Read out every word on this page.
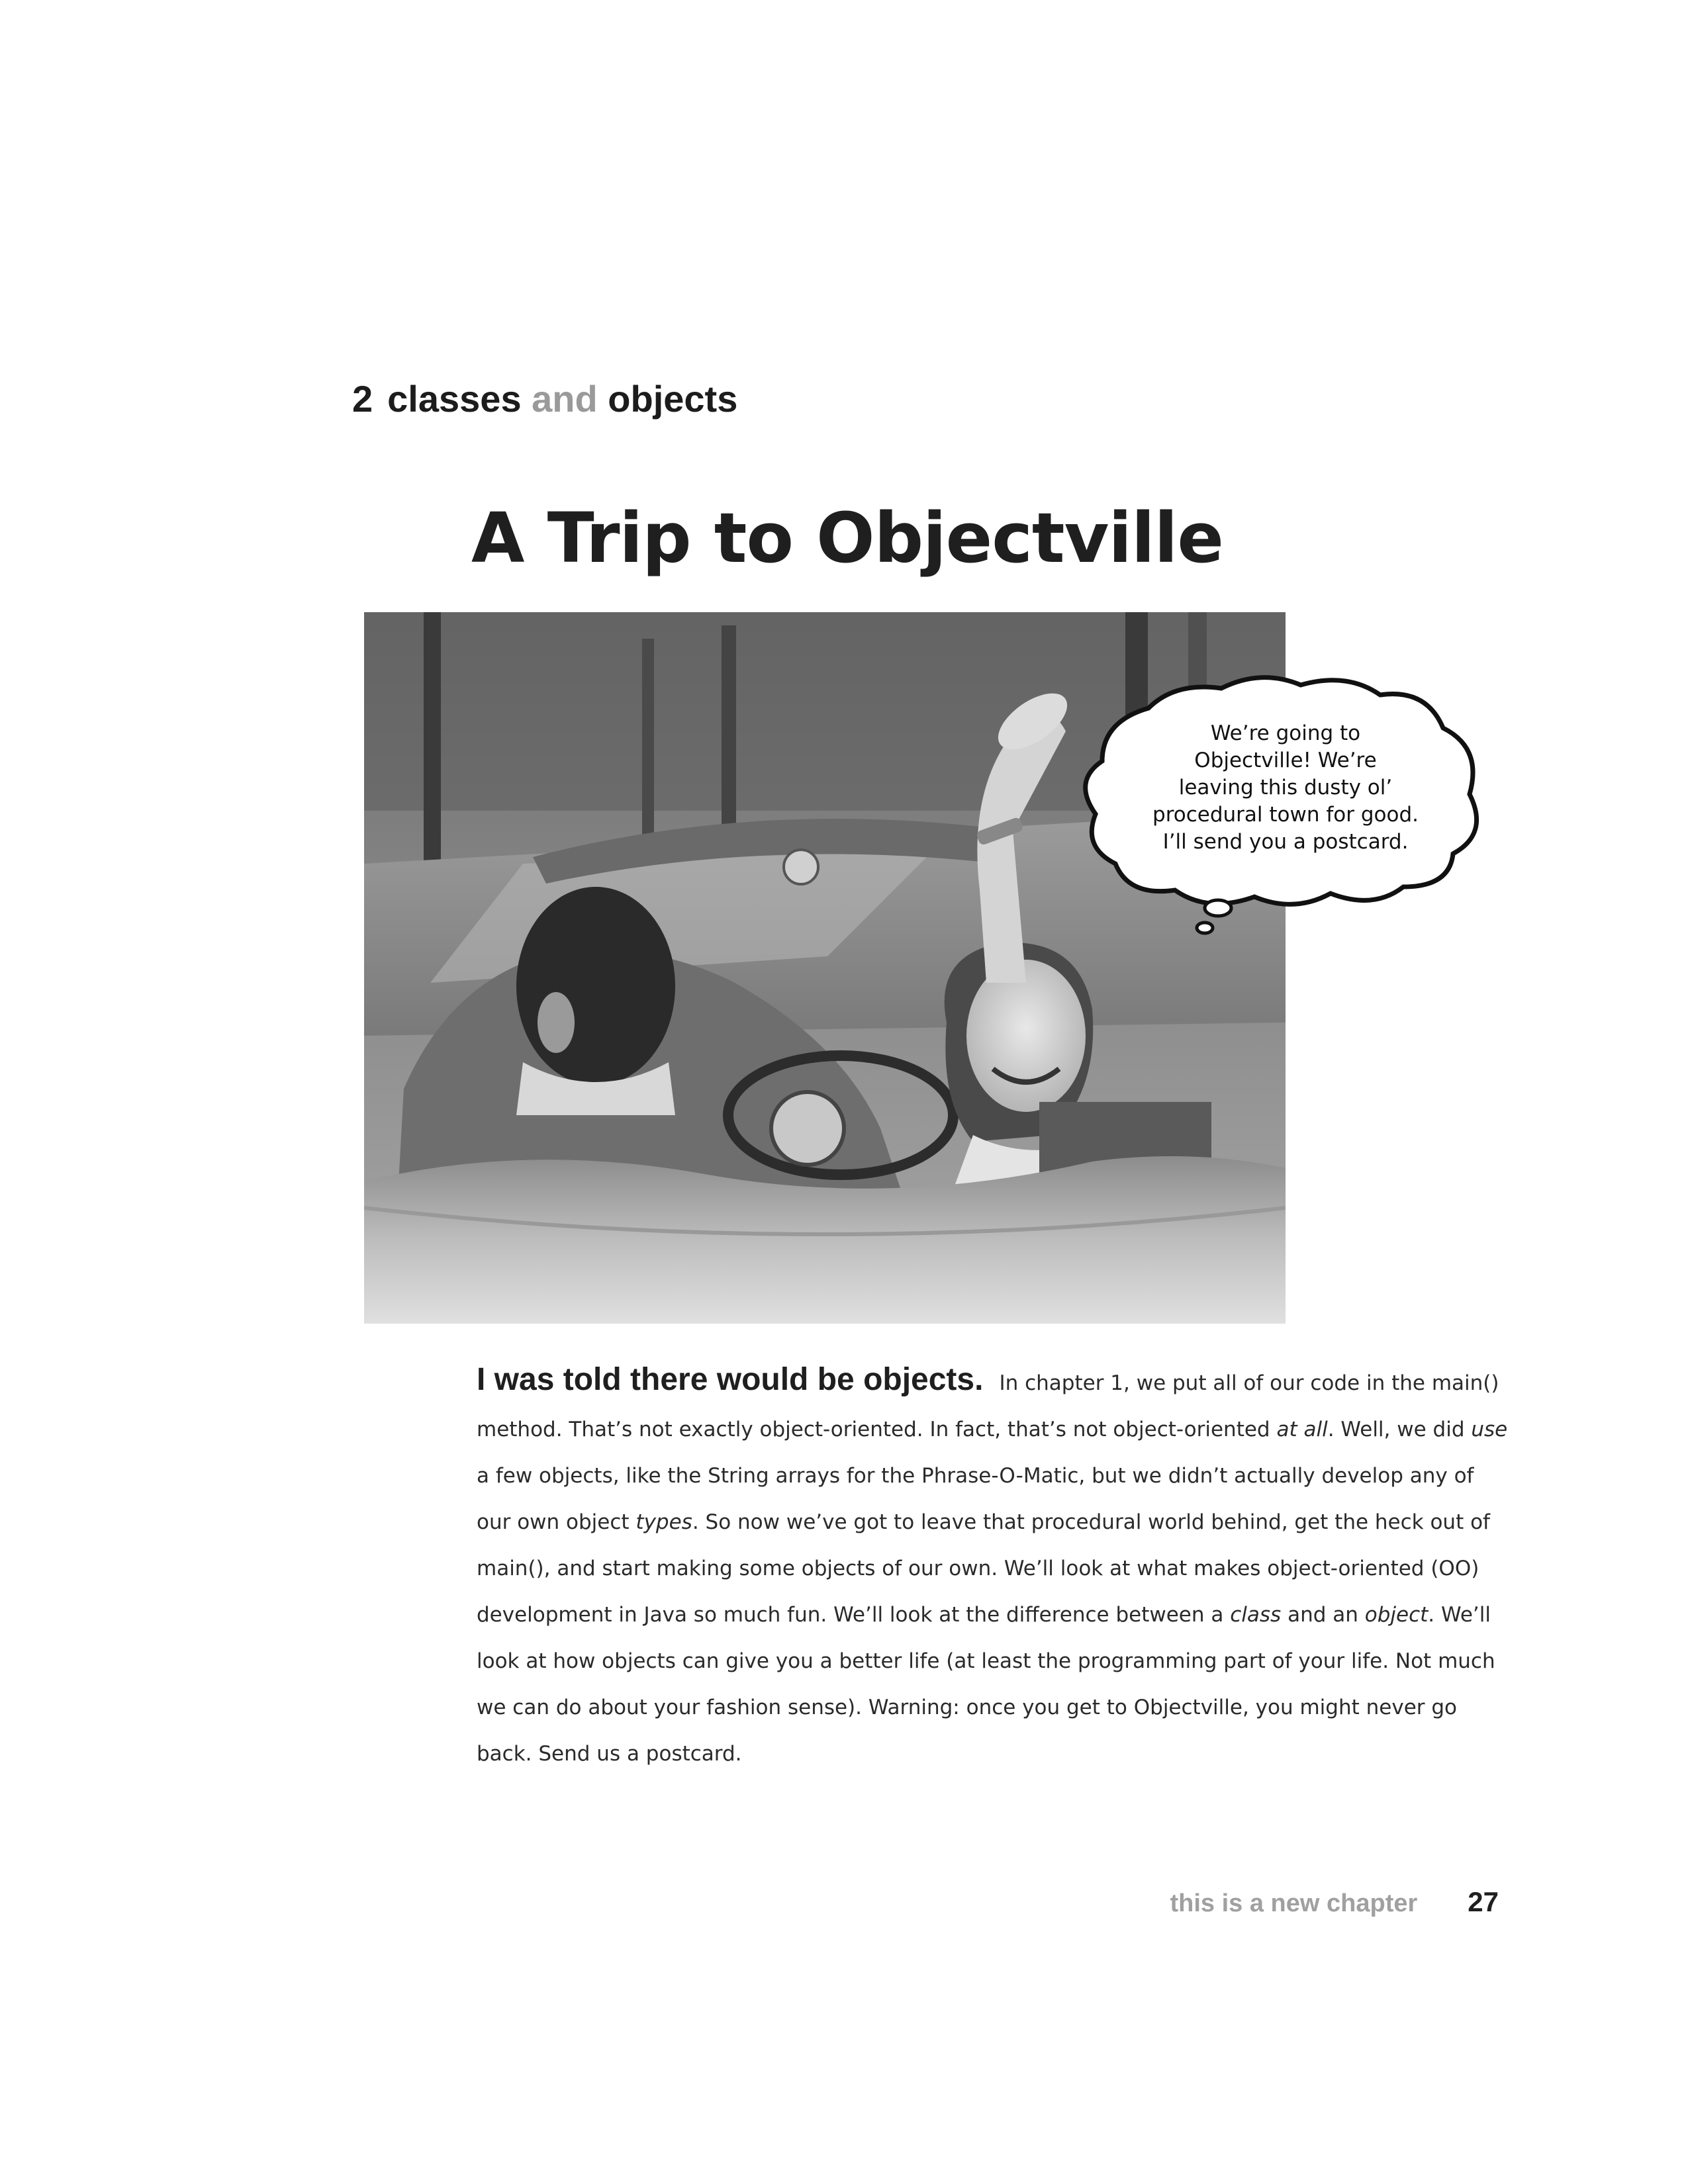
2 classes and objects
A Trip to Objectville
We’re going to
Objectville! We’re
leaving this dusty ol’
procedural town for good.
I’ll send you a postcard.
I was told there would be objects. In chapter 1, we put all of our code in the main() method. That’s not exactly object-oriented. In fact, that’s not object-oriented at all. Well, we did use a few objects, like the String arrays for the Phrase-O-Matic, but we didn’t actually develop any of our own object types. So now we’ve got to leave that procedural world behind, get the heck out of main(), and start making some objects of our own. We’ll look at what makes object-oriented (OO) development in Java so much fun. We’ll look at the difference between a class and an object. We’ll look at how objects can give you a better life (at least the programming part of your life. Not much we can do about your fashion sense). Warning: once you get to Objectville, you might never go back. Send us a postcard.
this is a new chapter 27
